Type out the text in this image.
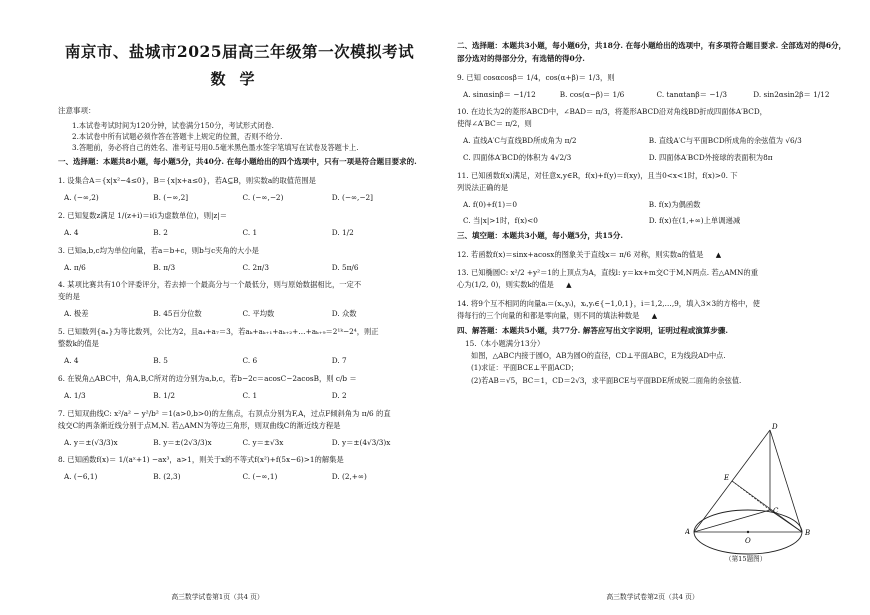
南京市、盐城市2025届高三年级第一次模拟考试
数学
注意事项：
1.本试卷考试时间为120分钟，试卷满分150分，考试形式闭卷.
2.本试卷中所有试题必须作答在答题卡上规定的位置，否则不给分.
3.答题前，务必将自己的姓名、准考证号用0.5毫米黑色墨水签字笔填写在试卷及答题卡上.
一、选择题：本题共8小题，每小题5分，共40分. 在每小题给出的四个选项中，只有一项是符合题目要求的.
1. 设集合A＝{x|x²−4≤0}，B＝{x|x+a≤0}，若A⊆B，则实数a的取值范围是
A. (−∞,2)	B. (−∞,2]	C. (−∞,−2)	D. (−∞,−2]
2. 已知复数z满足 1/(z+i)＝i(i为虚数单位)，则|z|＝
A. 4	B. 2	C. 1	D. 1/2
3. 已知a,b,c均为单位向量，若a＝b+c，则b与c夹角的大小是
A. π/6	B. π/3	C. 2π/3	D. 5π/6
4. 某项比赛共有10个评委评分，若去掉一个最高分与一个最低分，则与原始数据相比，一定不
变的是
A. 极差	B. 45百分位数	C. 平均数	D. 众数
5. 已知数列{aₙ}为等比数列，公比为2，且a₄+a₇＝3，若aₖ+aₖ₊₁+aₖ₊₂+…+aₖ₊₉＝2¹ᵏ−2⁴，则正
整数k的值是
A. 4	B. 5	C. 6	D. 7
6. 在锐角△ABC中，角A,B,C所对的边分别为a,b,c，若b−2c＝acosC−2acosB，则 c/b ＝
A. 1/3	B. 1/2	C. 1	D. 2
7. 已知双曲线C: x²/a² − y²/b² ＝1(a>0,b>0)的左焦点，右顶点分别为F,A，过点F倾斜角为 π/6 的直
线交C的两条渐近线分别于点M,N. 若△AMN为等边三角形，则双曲线C的渐近线方程是
A. y＝±(√3/3)x	B. y＝±(2√3/3)x	C. y＝±√3x	D. y＝±(4√3/3)x
8. 已知函数f(x)＝ 1/(aˣ+1) −ax³，a>1，则关于x的不等式f(x²)+f(5x−6)>1的解集是
A. (−6,1)	B. (2,3)	C. (−∞,1)	D. (2,+∞)
高三数学试卷第1页（共4 页）
二、选择题：本题共3小题，每小题6分，共18分. 在每小题给出的选项中，有多项符合题目要求. 全部选对的得6分，部分选对的得部分分，有选错的得0分.
9. 已知 cosαcosβ＝ 1/4，cos(α+β)＝ 1/3，则
A. sinαsinβ＝ −1/12	B. cos(α−β)＝ 1/6	C. tanαtanβ＝ −1/3	D. sin2αsin2β＝ 1/12
10. 在边长为2的菱形ABCD中，∠BAD＝ π/3，将菱形ABCD沿对角线BD折成四面体A′BCD，
使得∠A′BC＝ π/2，则
A. 直线A′C与直线BD所成角为 π/2	B. 直线A′C与平面BCD所成角的余弦值为 √6/3
C. 四面体A′BCD的体积为 4√2/3	D. 四面体A′BCD外接球的表面积为8π
11. 已知函数f(x)满足，对任意x,y∈R，f(x)+f(y)＝f(xy)，且当0<x<1时，f(x)>0. 下
列说法正确的是
A. f(0)+f(1)＝0	B. f(x)为偶函数
C. 当|x|>1时，f(x)<0	D. f(x)在(1,+∞)上单调递减
三、填空题：本题共3小题，每小题5分，共15分.
12. 若函数f(x)＝sinx+acosx的图象关于直线x＝ π/6 对称，则实数a的值是 ▲
13. 已知椭圆C: x²/2 +y²＝1的上顶点为A，直线l: y＝kx+m交C于M,N两点. 若△AMN的重
心为(1/2, 0)，则实数k的值是 ▲
14. 将9个互不相同的向量aᵢ＝(xᵢ,yᵢ)，xᵢ,yᵢ∈{−1,0,1}，i＝1,2,…,9，填入3×3的方格中，使
得每行的三个向量的和都是零向量，则不同的填法种数是 ▲
四、解答题：本题共5小题，共77分. 解答应写出文字说明，证明过程或演算步骤.
15.（本小题满分13分）
如图，△ABC内接于圆O，AB为圆O的直径，CD⊥平面ABC，E为线段AD中点.
(1)求证：平面BCE⊥平面ACD；
(2)若AB＝√5，BC＝1，CD＝2√3，求平面BCE与平面BDE所成锐二面角的余弦值.
A	B
C
D
E
O
（第15题图）
高三数学试卷第2页（共4 页）
